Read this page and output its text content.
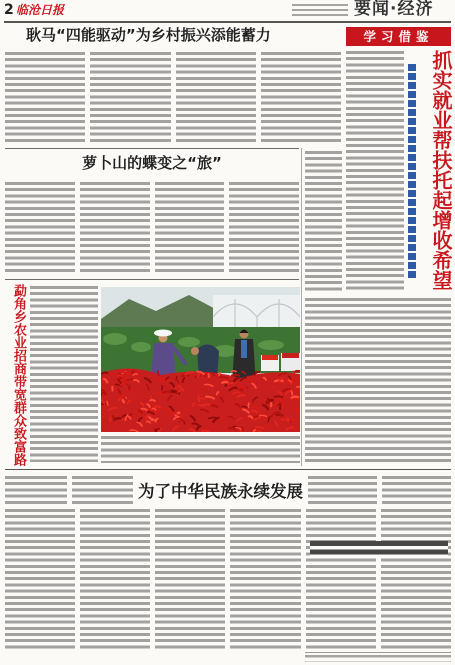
2 临沧日报	要闻·经济
耿马“四能驱动”为乡村振兴添能蓄力	学习借鉴
抓实就业帮扶托起增收希望
萝卜山的蝶变之“旅”
勐角乡农业招商带宽群众致富路
为了中华民族永续发展
